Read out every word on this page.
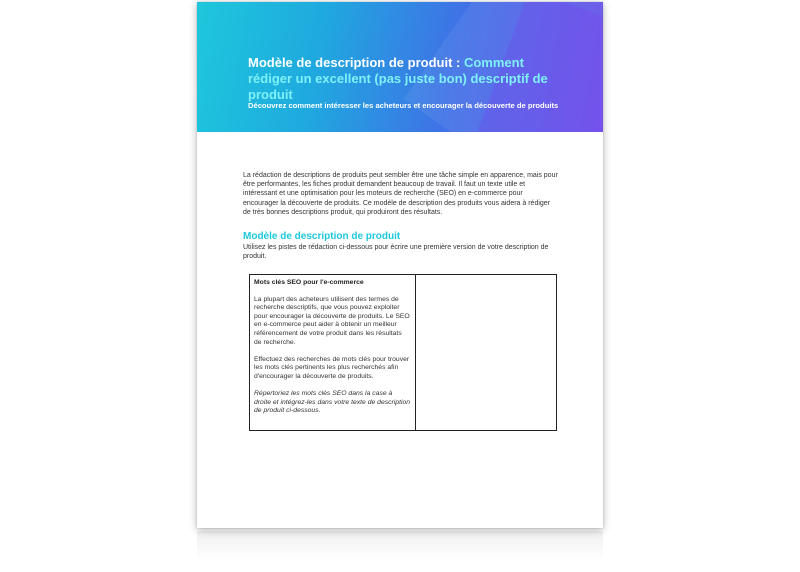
Modèle de description de produit : Comment rédiger un excellent (pas juste bon) descriptif de produit
Découvrez comment intéresser les acheteurs et encourager la découverte de produits

La rédaction de descriptions de produits peut sembler être une tâche simple en apparence, mais pour être performantes, les fiches produit demandent beaucoup de travail. Il faut un texte utile et intéressant et une optimisation pour les moteurs de recherche (SEO) en e-commerce pour encourager la découverte de produits. Ce modèle de description des produits vous aidera à rédiger de très bonnes descriptions produit, qui produiront des résultats.

Modèle de description de produit

Utilisez les pistes de rédaction ci-dessous pour écrire une première version de votre description de produit.

Mots clés SEO pour l'e-commerce

La plupart des acheteurs utilisent des termes de recherche descriptifs, que vous pouvez exploiter pour encourager la découverte de produits. Le SEO en e-commerce peut aider à obtenir un meilleur référencement de votre produit dans les résultats de recherche.

Effectuez des recherches de mots clés pour trouver les mots clés pertinents les plus recherchés afin d'encourager la découverte de produits.

Répertoriez les mots clés SEO dans la case à droite et intégrez-les dans votre texte de description de produit ci-dessous.
